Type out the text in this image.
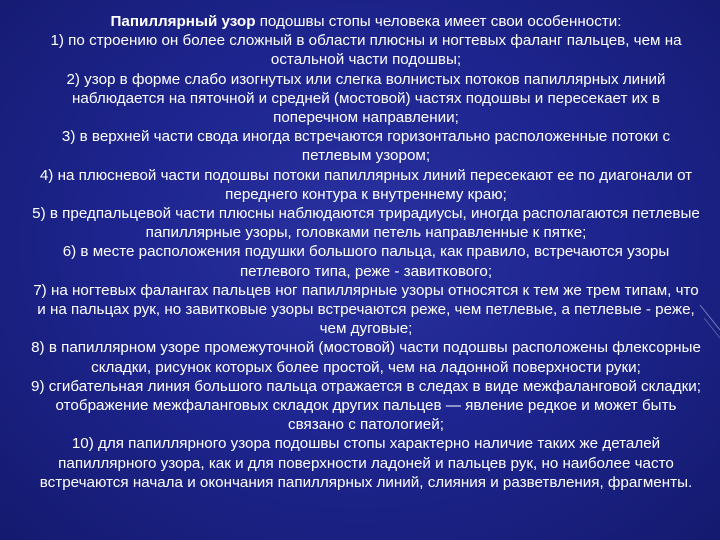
Папиллярный узор подошвы стопы человека имеет свои особенности:

1) по строению он более сложный в области плюсны и ногтевых фаланг пальцев, чем на остальной части подошвы;

2) узор в форме слабо изогнутых или слегка волнистых потоков папиллярных линий наблюдается на пяточной и средней (мостовой) частях подошвы и пересекает их в поперечном направлении;

3) в верхней части свода иногда встречаются горизонтально расположенные потоки с петлевым узором;

4) на плюсневой части подошвы потоки папиллярных линий пересекают ее по диагонали от переднего контура к внутреннему краю;

5) в предпальцевой части плюсны наблюдаются трирадиусы, иногда располагаются петлевые папиллярные узоры, головками петель направленные к пятке;

6) в месте расположения подушки большого пальца, как правило, встречаются узоры петлевого типа, реже - завиткового;

7) на ногтевых фалангах пальцев ног папиллярные узоры относятся к тем же трем типам, что и на пальцах рук, но завитковые узоры встречаются реже, чем петлевые, а петлевые - реже, чем дуговые;

8) в папиллярном узоре промежуточной (мостовой) части подошвы расположены флексорные складки, рисунок которых более простой, чем на ладонной поверхности руки;

9) сгибательная линия большого пальца отражается в следах в виде межфаланговой складки; отображение межфаланговых складок других пальцев — явление редкое и может быть связано с патологией;

10) для папиллярного узора подошвы стопы характерно наличие таких же деталей папиллярного узора, как и для поверхности ладоней и пальцев рук, но наиболее часто встречаются начала и окончания папиллярных линий, слияния и разветвления, фрагменты.
